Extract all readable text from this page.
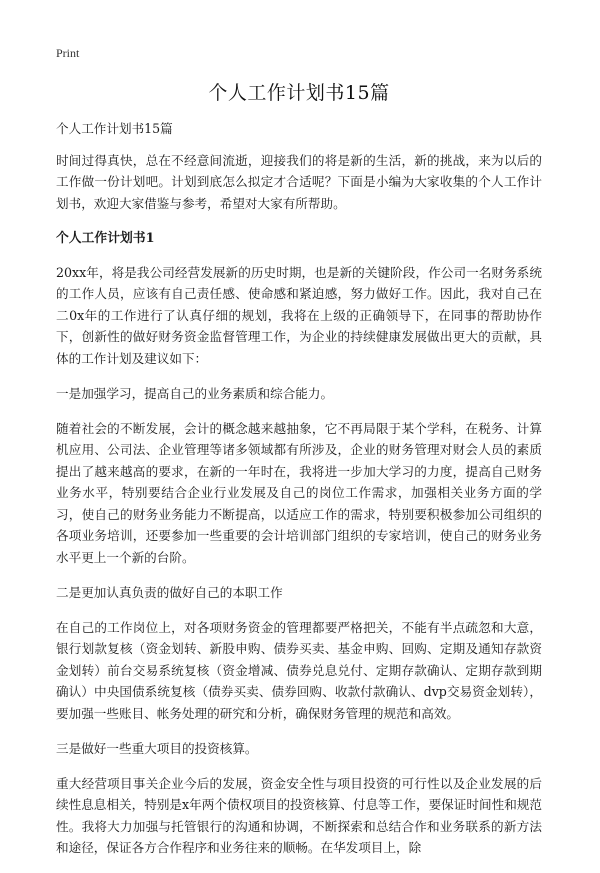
Print
个人工作计划书15篇

个人工作计划书15篇

时间过得真快，总在不经意间流逝，迎接我们的将是新的生活，新的挑战，来为以后的工作做一份计划吧。计划到底怎么拟定才合适呢？下面是小编为大家收集的个人工作计划书，欢迎大家借鉴与参考，希望对大家有所帮助。

个人工作计划书1

20xx年，将是我公司经营发展新的历史时期，也是新的关键阶段，作公司一名财务系统的工作人员，应该有自己责任感、使命感和紧迫感，努力做好工作。因此，我对自己在二0x年的工作进行了认真仔细的规划，我将在上级的正确领导下，在同事的帮助协作下，创新性的做好财务资金监督管理工作，为企业的持续健康发展做出更大的贡献，具体的工作计划及建议如下：

一是加强学习，提高自己的业务素质和综合能力。

随着社会的不断发展，会计的概念越来越抽象，它不再局限于某个学科，在税务、计算机应用、公司法、企业管理等诸多领域都有所涉及，企业的财务管理对财会人员的素质提出了越来越高的要求，在新的一年时在，我将进一步加大学习的力度，提高自己财务业务水平，特别要结合企业行业发展及自己的岗位工作需求，加强相关业务方面的学习，使自己的财务业务能力不断提高，以适应工作的需求，特别要积极参加公司组织的各项业务培训，还要参加一些重要的会计培训部门组织的专家培训，使自己的财务业务水平更上一个新的台阶。

二是更加认真负责的做好自己的本职工作

在自己的工作岗位上，对各项财务资金的管理都要严格把关，不能有半点疏忽和大意，银行划款复核（资金划转、新股申购、债券买卖、基金申购、回购、定期及通知存款资金划转）前台交易系统复核（资金增减、债券兑息兑付、定期存款确认、定期存款到期确认）中央国债系统复核（债券买卖、债券回购、收款付款确认、dvp交易资金划转），要加强一些账目、帐务处理的研究和分析，确保财务管理的规范和高效。

三是做好一些重大项目的投资核算。

重大经营项目事关企业今后的发展，资金安全性与项目投资的可行性以及企业发展的后续性息息相关，特别是x年两个债权项目的投资核算、付息等工作，要保证时间性和规范性。我将大力加强与托管银行的沟通和协调，不断探索和总结合作和业务联系的新方法和途径，保证各方合作程序和业务往来的顺畅。在华发项目上，除
